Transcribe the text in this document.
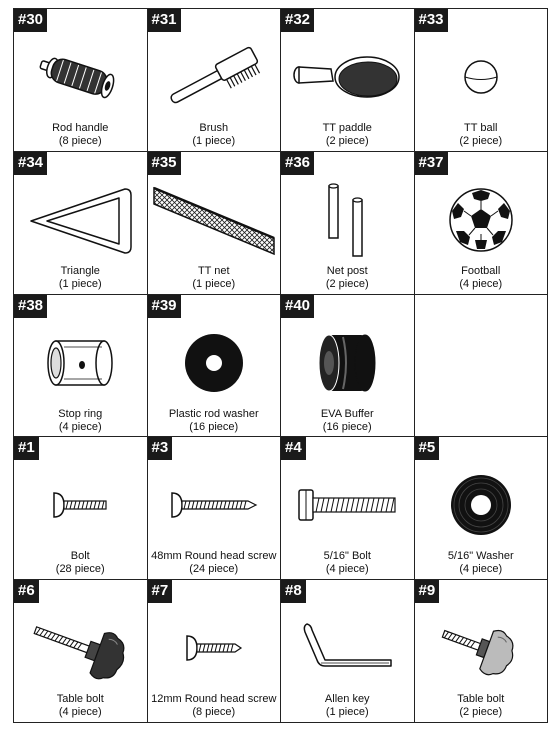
#30
Rod handle
(8 piece)
#31
Brush
(1 piece)
#32
TT paddle
(2 piece)
#33
TT ball
(2 piece)
#34
Triangle
(1 piece)
#35
TT net
(1 piece)
#36
Net post
(2 piece)
#37
Football
(4 piece)
#38
Stop ring
(4 piece)
#39
Plastic rod washer
(16 piece)
#40
EVA Buffer
(16 piece)
#1
Bolt
(28 piece)
#3
48mm Round head screw
(24 piece)
#4
5/16" Bolt
(4 piece)
#5
5/16" Washer
(4 piece)
#6
Table bolt
(4 piece)
#7
12mm Round head screw
(8 piece)
#8
Allen key
(1 piece)
#9
Table bolt
(2 piece)
